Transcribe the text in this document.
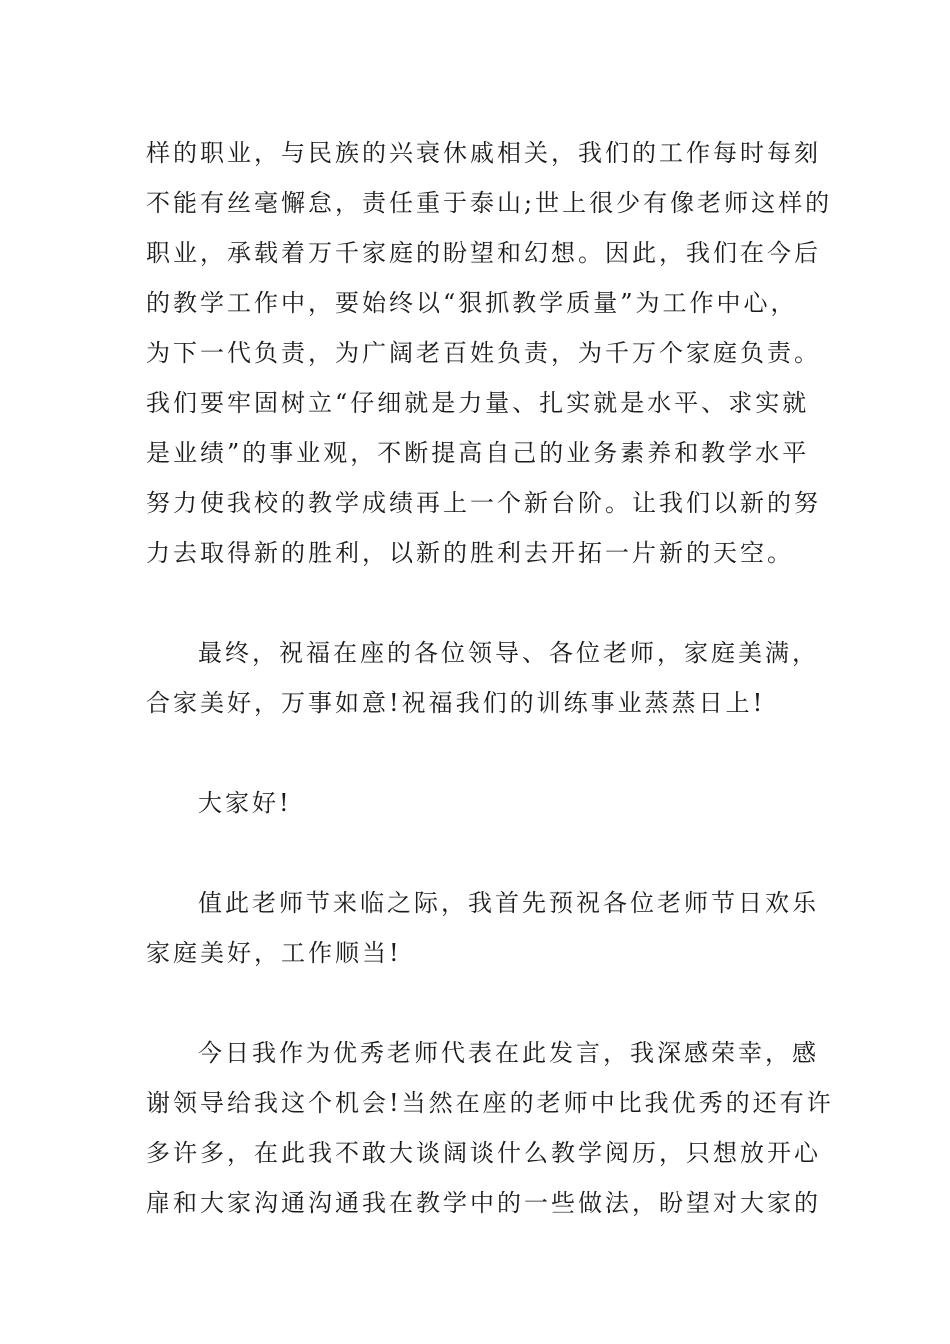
样的职业，与民族的兴衰休戚相关，我们的工作每时每刻
不能有丝毫懈怠，责任重于泰山;世上很少有像老师这样的
职业，承载着万千家庭的盼望和幻想。因此，我们在今后
的教学工作中，要始终以“狠抓教学质量”为工作中心，
为下一代负责，为广阔老百姓负责，为千万个家庭负责。
我们要牢固树立“仔细就是力量、扎实就是水平、求实就
是业绩”的事业观，不断提高自己的业务素养和教学水平
努力使我校的教学成绩再上一个新台阶。让我们以新的努
力去取得新的胜利，以新的胜利去开拓一片新的天空。
最终，祝福在座的各位领导、各位老师，家庭美满，
合家美好，万事如意!祝福我们的训练事业蒸蒸日上!
大家好!
值此老师节来临之际，我首先预祝各位老师节日欢乐
家庭美好，工作顺当!
今日我作为优秀老师代表在此发言，我深感荣幸，感
谢领导给我这个机会!当然在座的老师中比我优秀的还有许
多许多，在此我不敢大谈阔谈什么教学阅历，只想放开心
扉和大家沟通沟通我在教学中的一些做法，盼望对大家的
